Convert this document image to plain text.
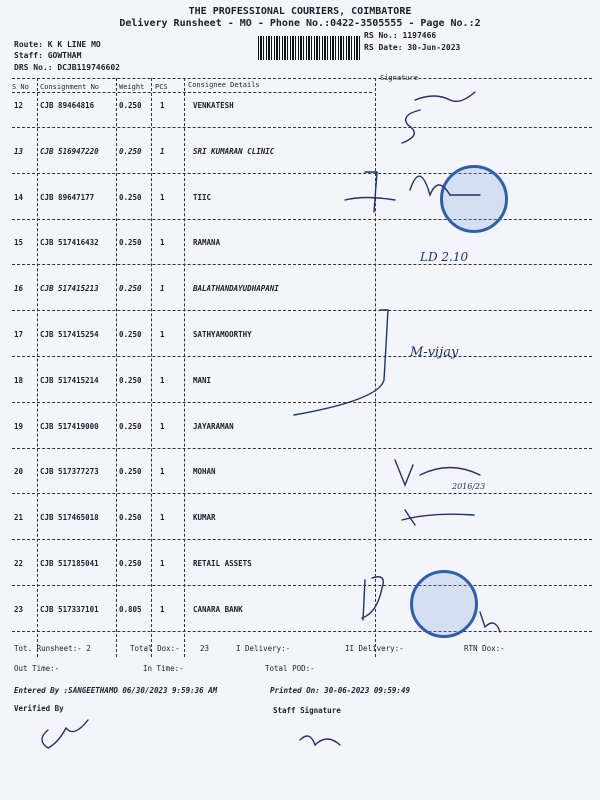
THE PROFESSIONAL COURIERS, COIMBATORE
Delivery Runsheet - MO - Phone No.:0422-3505555 - Page No.:2
Route: K K LINE MO
Staff: GOWTHAM
DRS No.: DCJB119746602
RS No.: 1197466
RS Date: 30-Jun-2023
S No Consignment No	Weight PCS	Consignee Details
Signature
12 CJB 89464816	0.250 1	VENKATESH
13 CJB 516947220	0.250 1	SRI KUMARAN CLINIC
14 CJB 89647177	0.250 1	TIIC
15 CJB 517416432	0.250 1	RAMANA
16 CJB 517415213	0.250 1	BALATHANDAYUDHAPANI
17 CJB 517415254	0.250 1	SATHYAMOORTHY
18 CJB 517415214	0.250 1	MANI
19 CJB 517419000	0.250 1	JAYARAMAN
20 CJB 517377273	0.250 1	MOHAN
21 CJB 517465018	0.250 1	KUMAR
22 CJB 517185041	0.250 1	RETAIL ASSETS
23 CJB 517337101	0.805 1	CANARA BANK
M-vijay
LD 2.10
2016/23
Tot. Runsheet:- 2	Total Dox:-	23	I Delivery:-	II Delivery:-	RTN Dox:-
Out Time:-	In Time:-	Total POD:-
Entered By :SANGEETHAMO 06/30/2023 9:59:36 AM	Printed On: 30-06-2023 09:59:49
Verified By	Staff Signature
